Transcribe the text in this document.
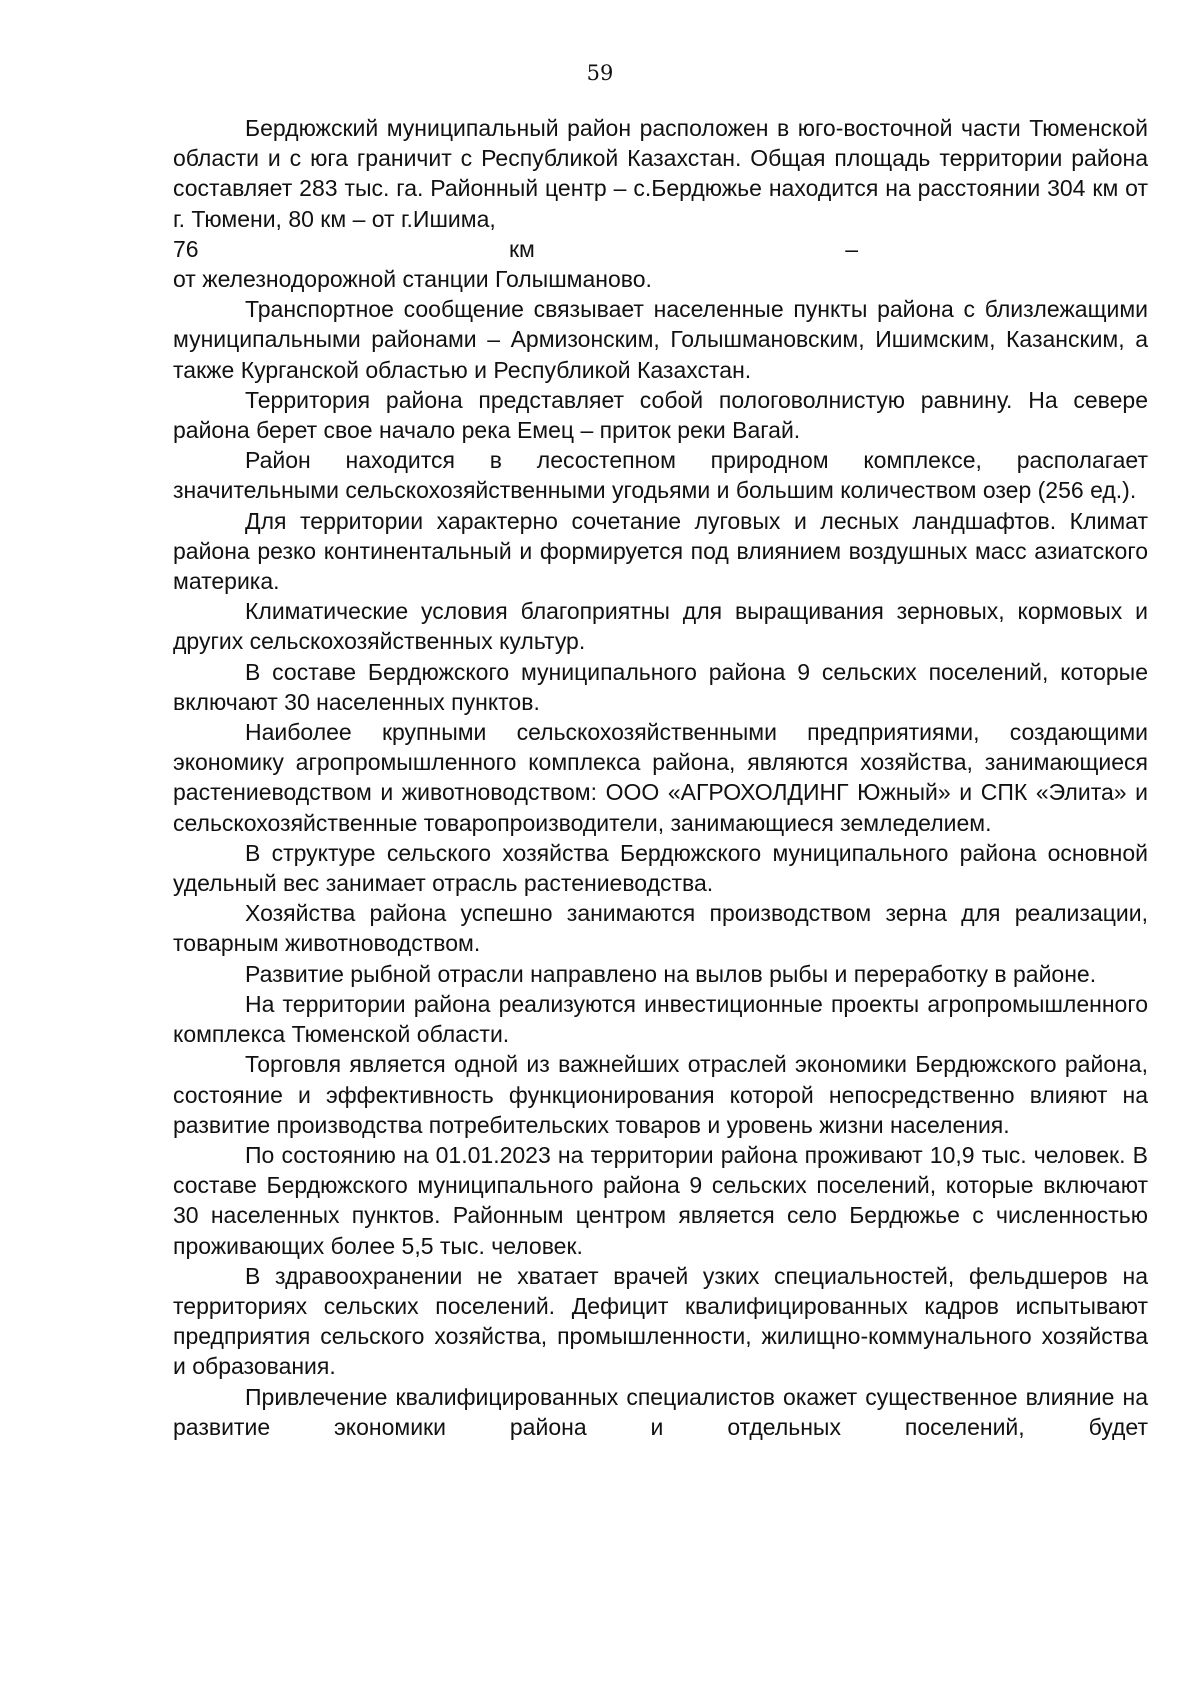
59

Бердюжский муниципальный район расположен в юго-восточной части Тюменской области и с юга граничит с Республикой Казахстан. Общая площадь территории района составляет 283 тыс. га. Районный центр – с.Бердюжье находится на расстоянии 304 км от г. Тюмени, 80 км – от г.Ишима,

76	км	–

от железнодорожной станции Голышманово.

Транспортное сообщение связывает населенные пункты района с близлежащими муниципальными районами – Армизонским, Голышмановским, Ишимским, Казанским, а также Курганской областью и Республикой Казахстан.

Территория района представляет собой пологоволнистую равнину. На севере района берет свое начало река Емец – приток реки Вагай.

Район находится в лесостепном природном комплексе, располагает значительными сельскохозяйственными угодьями и большим количеством озер (256 ед.).

Для территории характерно сочетание луговых и лесных ландшафтов. Климат района резко континентальный и формируется под влиянием воздушных масс азиатского материка.

Климатические условия благоприятны для выращивания зерновых, кормовых и других сельскохозяйственных культур.

В составе Бердюжского муниципального района 9 сельских поселений, которые включают 30 населенных пунктов.

Наиболее крупными сельскохозяйственными предприятиями, создающими экономику агропромышленного комплекса района, являются хозяйства, занимающиеся растениеводством и животноводством: ООО «АГРОХОЛДИНГ Южный» и СПК «Элита» и сельскохозяйственные товаропроизводители, занимающиеся земледелием.

В структуре сельского хозяйства Бердюжского муниципального района основной удельный вес занимает отрасль растениеводства.

Хозяйства района успешно занимаются производством зерна для реализации, товарным животноводством.

Развитие рыбной отрасли направлено на вылов рыбы и переработку в районе.

На территории района реализуются инвестиционные проекты агропромышленного комплекса Тюменской области.

Торговля является одной из важнейших отраслей экономики Бердюжского района, состояние и эффективность функционирования которой непосредственно влияют на развитие производства потребительских товаров и уровень жизни населения.

По состоянию на 01.01.2023 на территории района проживают 10,9 тыс. человек. В составе Бердюжского муниципального района 9 сельских поселений, которые включают 30 населенных пунктов. Районным центром является село Бердюжье с численностью проживающих более 5,5 тыс. человек.

В здравоохранении не хватает врачей узких специальностей, фельдшеров на территориях сельских поселений. Дефицит квалифицированных кадров испытывают предприятия сельского хозяйства, промышленности, жилищно-коммунального хозяйства и образования.

Привлечение квалифицированных специалистов окажет существенное влияние на развитие экономики района и отдельных поселений, будет
